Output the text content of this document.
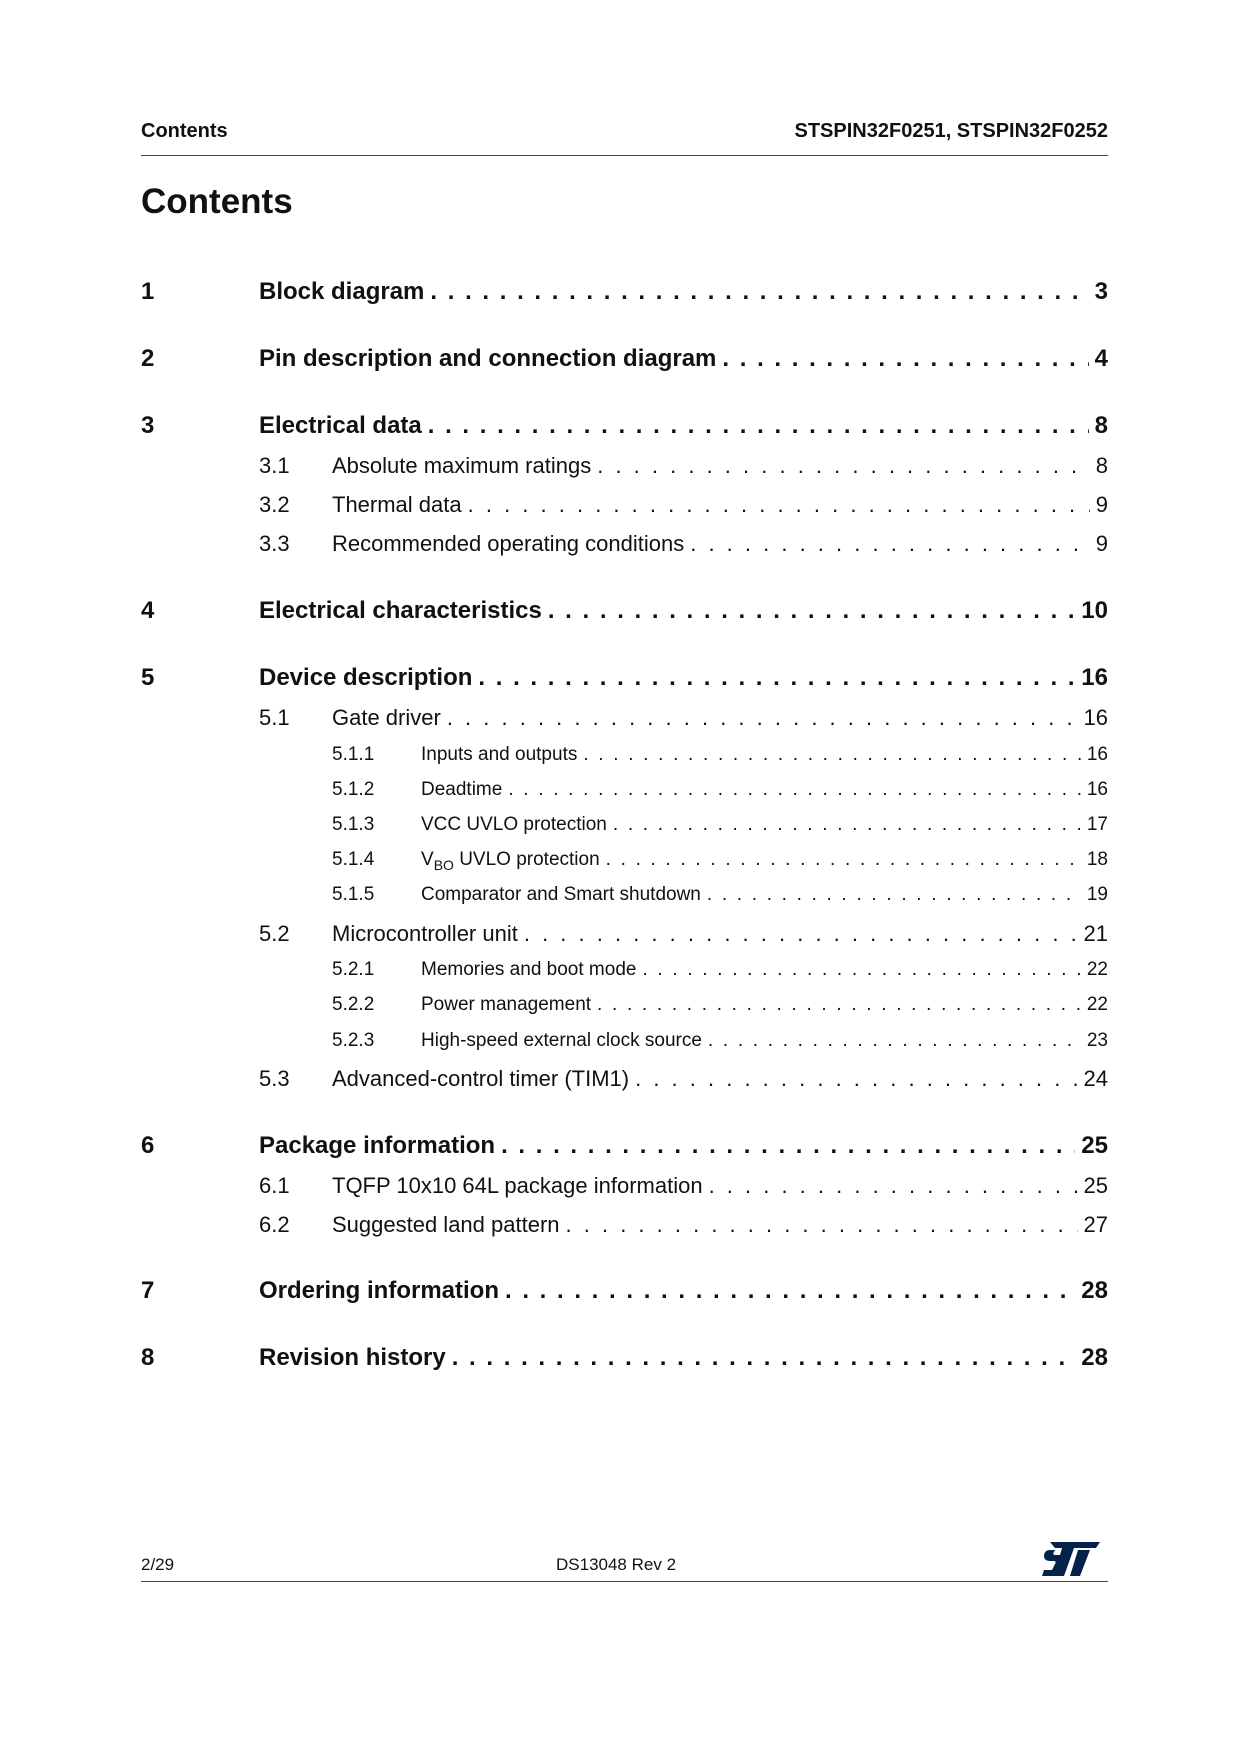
Contents	STSPIN32F0251, STSPIN32F0252
Contents
1	Block diagram . . .	3
2	Pin description and connection diagram . . .	4
3	Electrical data . . .	8
3.1 Absolute maximum ratings . . .	8
3.2 Thermal data . . .	9
3.3 Recommended operating conditions . . .	9
4	Electrical characteristics . . .	10
5	Device description . . .	16
5.1 Gate driver . . .	16
5.1.1 Inputs and outputs . . .	16
5.1.2 Deadtime . . .	16
5.1.3 VCC UVLO protection . . .	17
5.1.4 $V_{BO}$ UVLO protection . . .	18
5.1.5 Comparator and Smart shutdown . . .	19
5.2 Microcontroller unit . . .	21
5.2.1 Memories and boot mode . . .	22
5.2.2 Power management . . .	22
5.2.3 High-speed external clock source . . .	23
5.3 Advanced-control timer (TIM1) . . .	24
6	Package information . . .	25
6.1 TQFP 10x10 64L package information . . .	25
6.2 Suggested land pattern . . .	27
7	Ordering information . . .	28
8	Revision history . . .	28
2/29	DS13048 Rev 2
